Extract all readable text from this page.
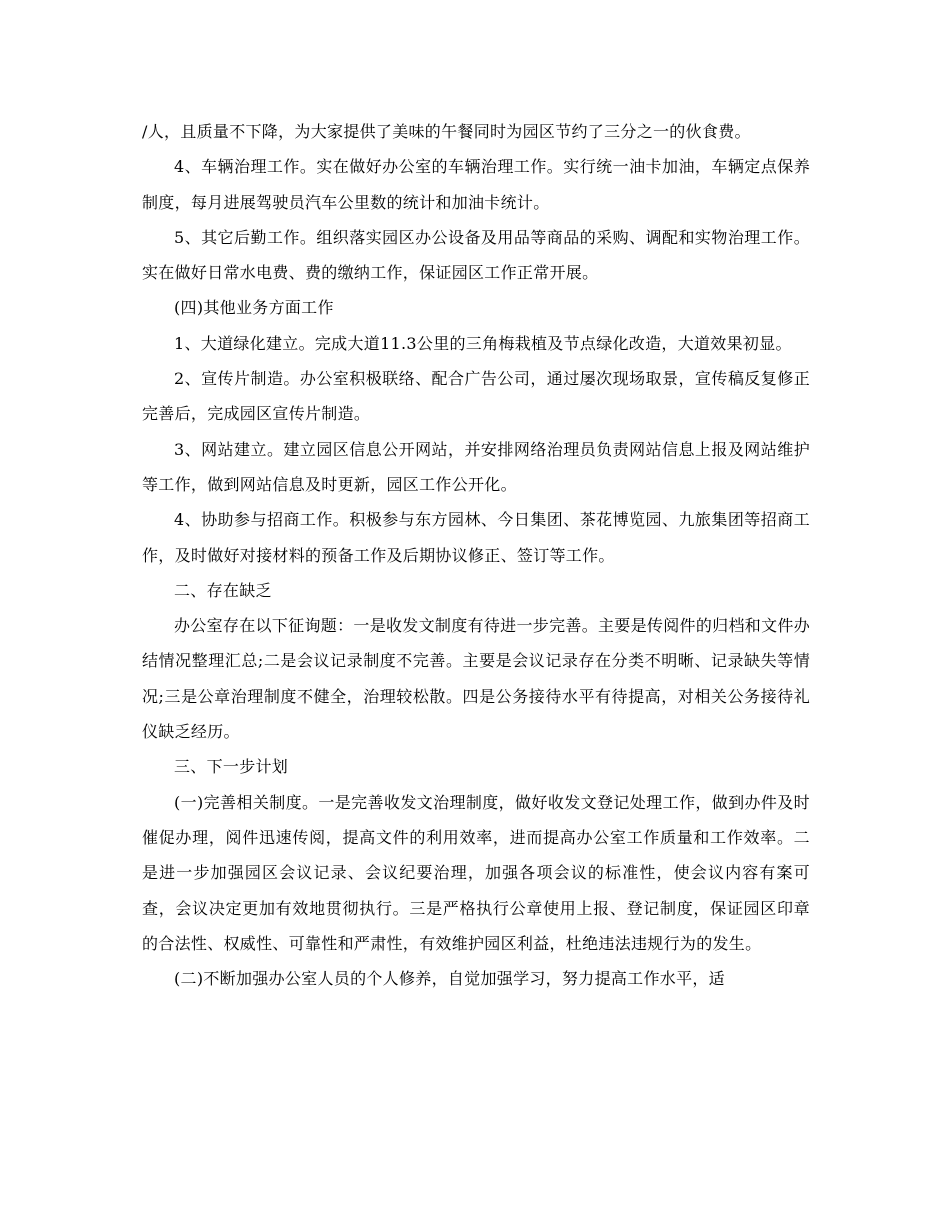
/人，且质量不下降，为大家提供了美味的午餐同时为园区节约了三分之一的伙食费。

4、车辆治理工作。实在做好办公室的车辆治理工作。实行统一油卡加油，车辆定点保养制度，每月进展驾驶员汽车公里数的统计和加油卡统计。

5、其它后勤工作。组织落实园区办公设备及用品等商品的采购、调配和实物治理工作。实在做好日常水电费、费的缴纳工作，保证园区工作正常开展。

(四)其他业务方面工作

1、大道绿化建立。完成大道11.3公里的三角梅栽植及节点绿化改造，大道效果初显。

2、宣传片制造。办公室积极联络、配合广告公司，通过屡次现场取景，宣传稿反复修正完善后，完成园区宣传片制造。

3、网站建立。建立园区信息公开网站，并安排网络治理员负责网站信息上报及网站维护等工作，做到网站信息及时更新，园区工作公开化。

4、协助参与招商工作。积极参与东方园林、今日集团、茶花博览园、九旅集团等招商工作，及时做好对接材料的预备工作及后期协议修正、签订等工作。

二、存在缺乏

办公室存在以下征询题：一是收发文制度有待进一步完善。主要是传阅件的归档和文件办结情况整理汇总;二是会议记录制度不完善。主要是会议记录存在分类不明晰、记录缺失等情况;三是公章治理制度不健全，治理较松散。四是公务接待水平有待提高，对相关公务接待礼仪缺乏经历。

三、下一步计划

(一)完善相关制度。一是完善收发文治理制度，做好收发文登记处理工作，做到办件及时催促办理，阅件迅速传阅，提高文件的利用效率，进而提高办公室工作质量和工作效率。二是进一步加强园区会议记录、会议纪要治理，加强各项会议的标准性，使会议内容有案可查，会议决定更加有效地贯彻执行。三是严格执行公章使用上报、登记制度，保证园区印章的合法性、权威性、可靠性和严肃性，有效维护园区利益，杜绝违法违规行为的发生。

(二)不断加强办公室人员的个人修养，自觉加强学习，努力提高工作水平，适
